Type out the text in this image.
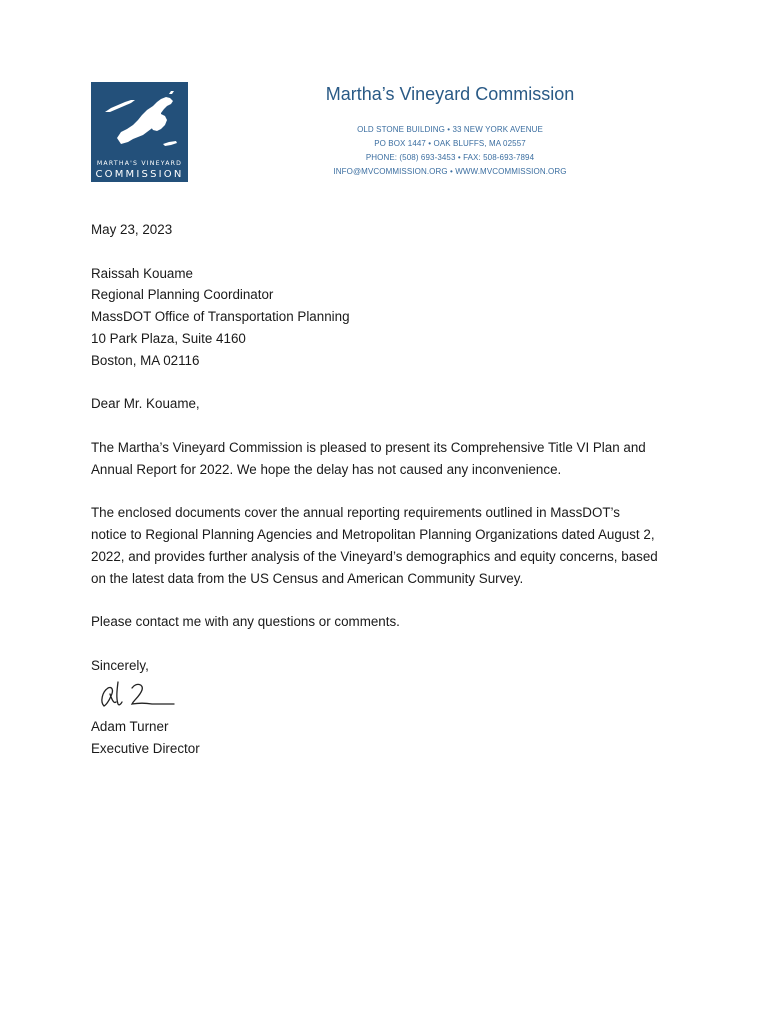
MARTHA'S VINEYARD
COMMISSION
Martha’s Vineyard Commission
OLD STONE BUILDING • 33 NEW YORK AVENUE
PO BOX 1447 • OAK BLUFFS, MA 02557
PHONE: (508) 693-3453 • FAX: 508-693-7894
INFO@MVCOMMISSION.ORG • WWW.MVCOMMISSION.ORG

May 23, 2023

Raissah Kouame

Regional Planning Coordinator

MassDOT Office of Transportation Planning

10 Park Plaza, Suite 4160

Boston, MA 02116

Dear Mr. Kouame,

The Martha’s Vineyard Commission is pleased to present its Comprehensive Title VI Plan and

Annual Report for 2022. We hope the delay has not caused any inconvenience.

The enclosed documents cover the annual reporting requirements outlined in MassDOT’s

notice to Regional Planning Agencies and Metropolitan Planning Organizations dated August 2,

2022, and provides further analysis of the Vineyard’s demographics and equity concerns, based

on the latest data from the US Census and American Community Survey.

Please contact me with any questions or comments.

Sincerely,

Adam Turner

Executive Director
